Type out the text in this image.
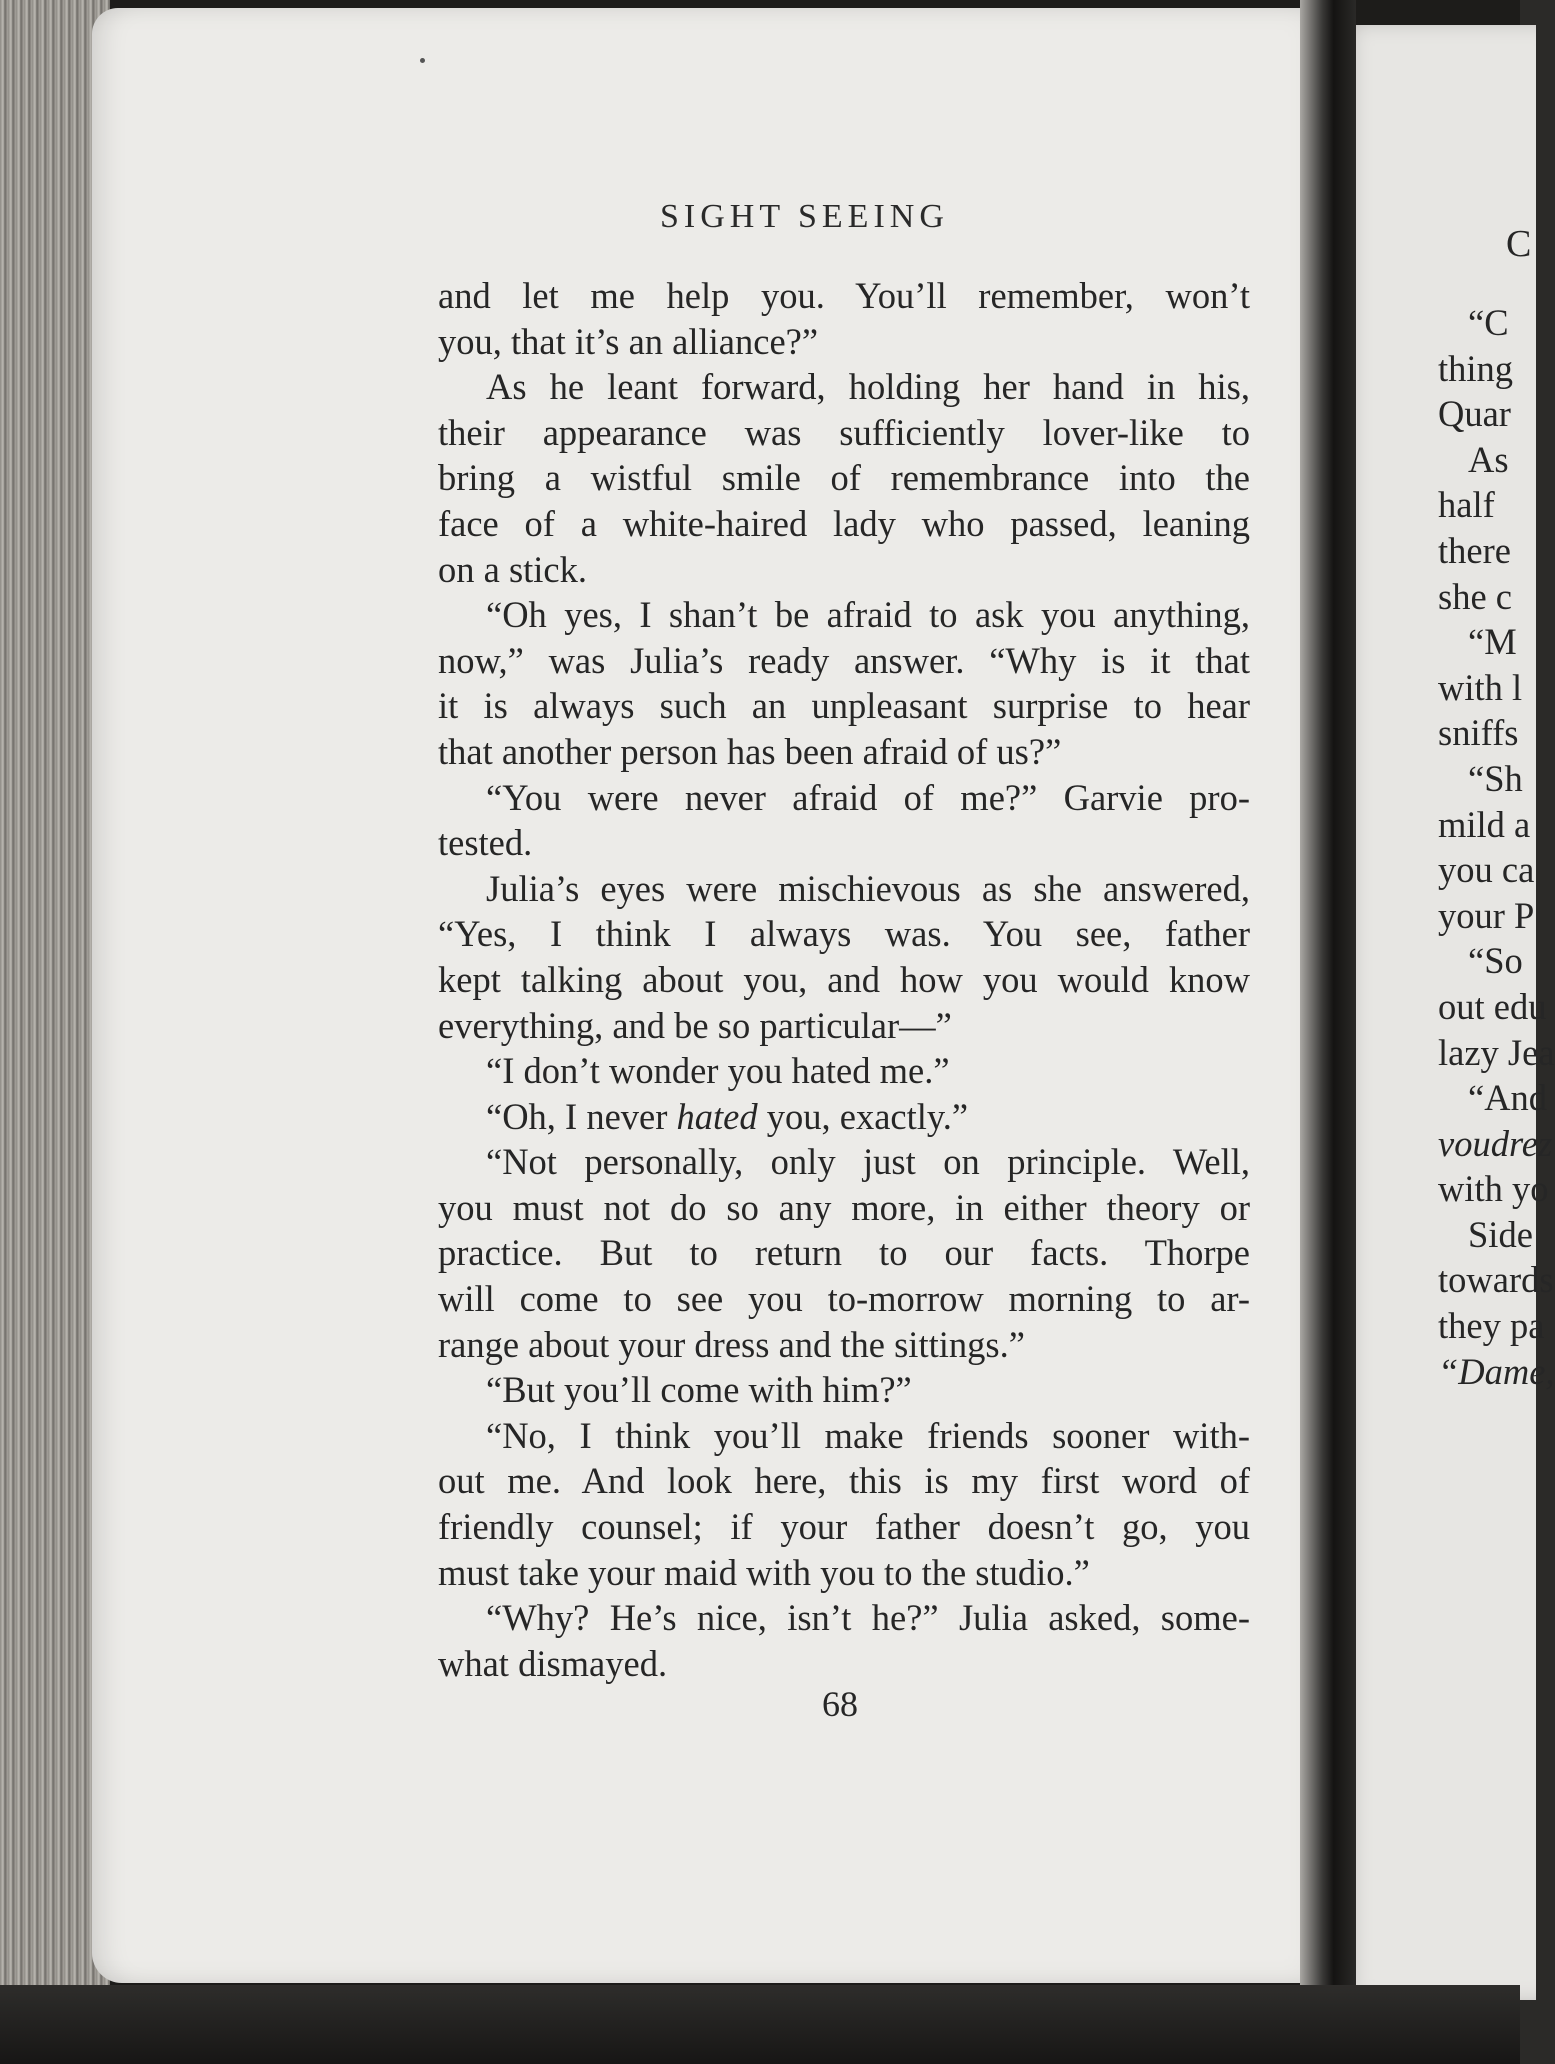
SIGHT SEEING
and let me help you. You’ll remember, won’t
you, that it’s an alliance?”
As he leant forward, holding her hand in his,
their appearance was sufficiently lover-like to
bring a wistful smile of remembrance into the
face of a white-haired lady who passed, leaning
on a stick.
“Oh yes, I shan’t be afraid to ask you anything,
now,” was Julia’s ready answer. “Why is it that
it is always such an unpleasant surprise to hear
that another person has been afraid of us?”
“You were never afraid of me?” Garvie pro-
tested.
Julia’s eyes were mischievous as she answered,
“Yes, I think I always was. You see, father
kept talking about you, and how you would know
everything, and be so particular—”
“I don’t wonder you hated me.”
“Oh, I never hated you, exactly.”
“Not personally, only just on principle. Well,
you must not do so any more, in either theory or
practice. But to return to our facts. Thorpe
will come to see you to-morrow morning to ar-
range about your dress and the sittings.”
“But you’ll come with him?”
“No, I think you’ll make friends sooner with-
out me. And look here, this is my first word of
friendly counsel; if your father doesn’t go, you
must take your maid with you to the studio.”
“Why? He’s nice, isn’t he?” Julia asked, some-
what dismayed.
68
C
“C
thing
Quar
As
half
there
she c
“M
with l
sniffs
“Sh
mild a
you ca
your P
“So
out edu
lazy Jea
“And
voudrez
with yo
Side
towards
they pa
“Dame,
